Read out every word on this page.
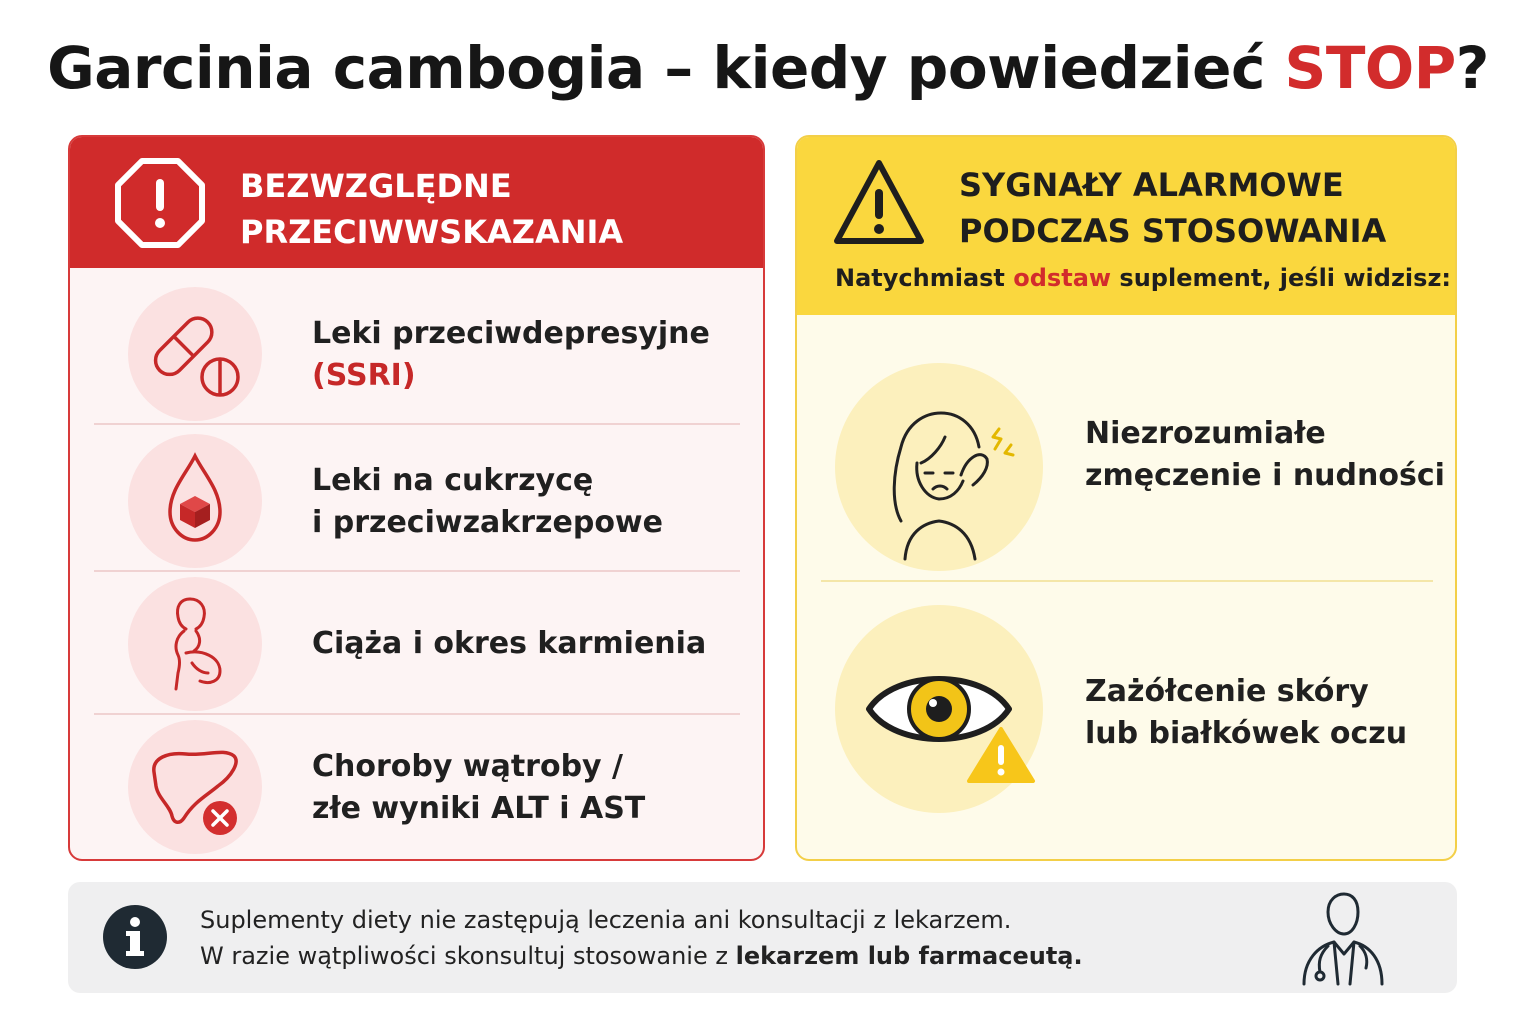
Garcinia cambogia – kiedy powiedzieć STOP?
BEZWZGLĘDNE
PRZECIWWSKAZANIA
Leki przeciwdepresyjne
(SSRI)
Leki na cukrzycę
i przeciwzakrzepowe
Ciąża i okres karmienia
Choroby wątroby /
złe wyniki ALT i AST
SYGNAŁY ALARMOWE
PODCZAS STOSOWANIA
Natychmiast odstaw suplement, jeśli widzisz:
Niezrozumiałe
zmęczenie i nudności
Zażółcenie skóry
lub białkówek oczu
Suplementy diety nie zastępują leczenia ani konsultacji z lekarzem.
W razie wątpliwości skonsultuj stosowanie z lekarzem lub farmaceutą.
